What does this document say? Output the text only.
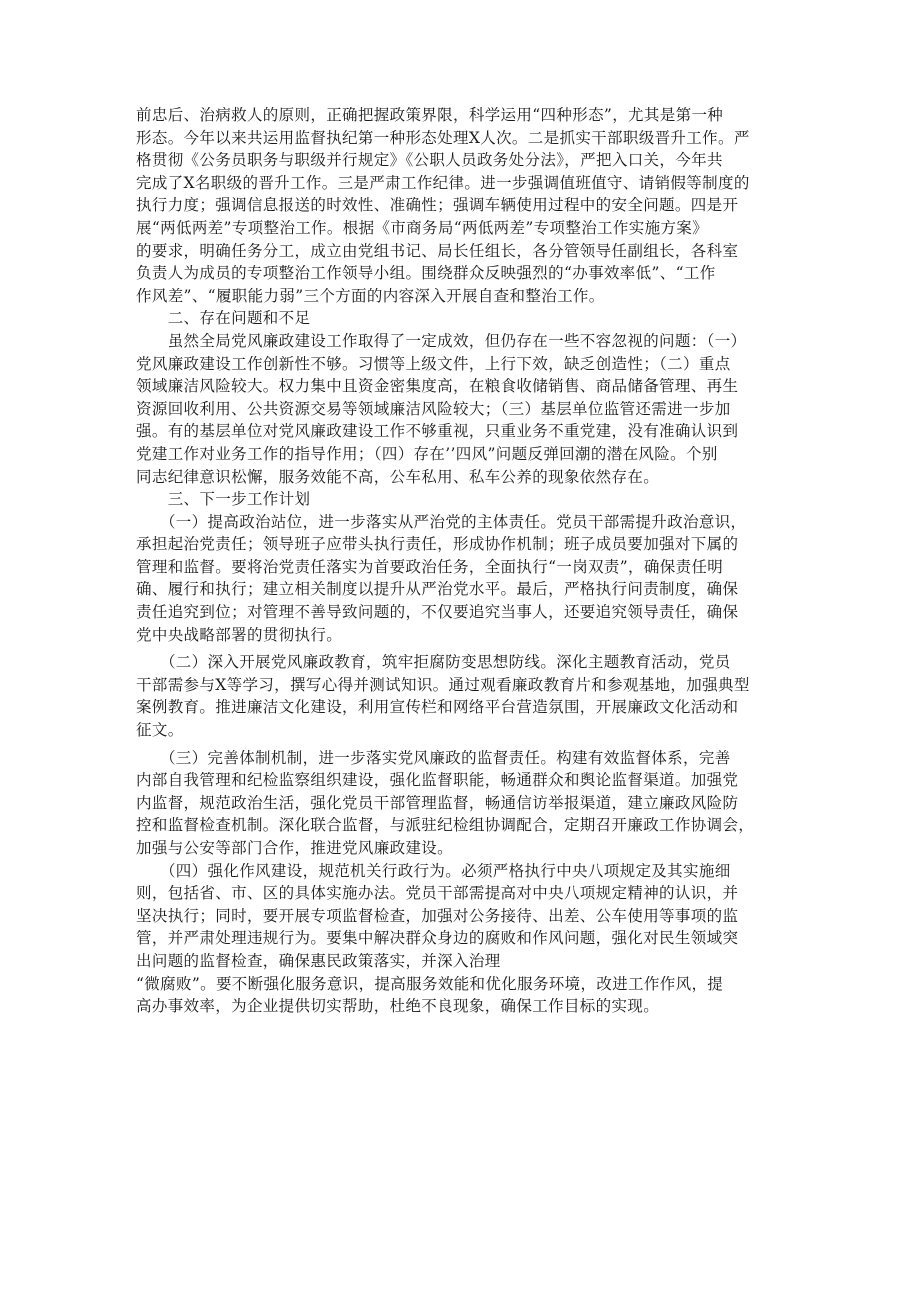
前忠后、治病救人的原则，正确把握政策界限，科学运用“四种形态”，尤其是第一种
形态。今年以来共运用监督执纪第一种形态处理X人次。二是抓实干部职级晋升工作。严
格贯彻《公务员职务与职级并行规定》《公职人员政务处分法》，严把入口关，今年共
完成了X名职级的晋升工作。三是严肃工作纪律。进一步强调值班值守、请销假等制度的
执行力度；强调信息报送的时效性、准确性；强调车辆使用过程中的安全问题。四是开
展“两低两差”专项整治工作。根据《市商务局“两低两差”专项整治工作实施方案》
的要求，明确任务分工，成立由党组书记、局长任组长，各分管领导任副组长，各科室
负责人为成员的专项整治工作领导小组。围绕群众反映强烈的“办事效率低”、“工作
作风差”、“履职能力弱”三个方面的内容深入开展自查和整治工作。
　　二、存在问题和不足
　　虽然全局党风廉政建设工作取得了一定成效，但仍存在一些不容忽视的问题：（一）
党风廉政建设工作创新性不够。习惯等上级文件，上行下效，缺乏创造性；（二）重点
领域廉洁风险较大。权力集中且资金密集度高，在粮食收储销售、商品储备管理、再生
资源回收利用、公共资源交易等领域廉洁风险较大；（三）基层单位监管还需进一步加
强。有的基层单位对党风廉政建设工作不够重视，只重业务不重党建，没有准确认识到
党建工作对业务工作的指导作用；（四）存在’’四风”问题反弹回潮的潜在风险。个别
同志纪律意识松懈，服务效能不高，公车私用、私车公养的现象依然存在。
　　三、下一步工作计划
　　（一）提高政治站位，进一步落实从严治党的主体责任。党员干部需提升政治意识，
承担起治党责任；领导班子应带头执行责任，形成协作机制；班子成员要加强对下属的
管理和监督。要将治党责任落实为首要政治任务，全面执行“一岗双责”，确保责任明
确、履行和执行；建立相关制度以提升从严治党水平。最后，严格执行问责制度，确保
责任追究到位；对管理不善导致问题的，不仅要追究当事人，还要追究领导责任，确保
党中央战略部署的贯彻执行。
　　（二）深入开展党风廉政教育，筑牢拒腐防变思想防线。深化主题教育活动，党员
干部需参与X等学习，撰写心得并测试知识。通过观看廉政教育片和参观基地，加强典型
案例教育。推进廉洁文化建设，利用宣传栏和网络平台营造氛围，开展廉政文化活动和
征文。
　　（三）完善体制机制，进一步落实党风廉政的监督责任。构建有效监督体系，完善
内部自我管理和纪检监察组织建设，强化监督职能，畅通群众和舆论监督渠道。加强党
内监督，规范政治生活，强化党员干部管理监督，畅通信访举报渠道，建立廉政风险防
控和监督检查机制。深化联合监督，与派驻纪检组协调配合，定期召开廉政工作协调会，
加强与公安等部门合作，推进党风廉政建设。
　　（四）强化作风建设，规范机关行政行为。必须严格执行中央八项规定及其实施细
则，包括省、市、区的具体实施办法。党员干部需提高对中央八项规定精神的认识，并
坚决执行；同时，要开展专项监督检查，加强对公务接待、出差、公车使用等事项的监
管，并严肃处理违规行为。要集中解决群众身边的腐败和作风问题，强化对民生领域突
出问题的监督检查，确保惠民政策落实，并深入治理
“微腐败”。要不断强化服务意识，提高服务效能和优化服务环境，改进工作作风，提
高办事效率，为企业提供切实帮助，杜绝不良现象，确保工作目标的实现。
